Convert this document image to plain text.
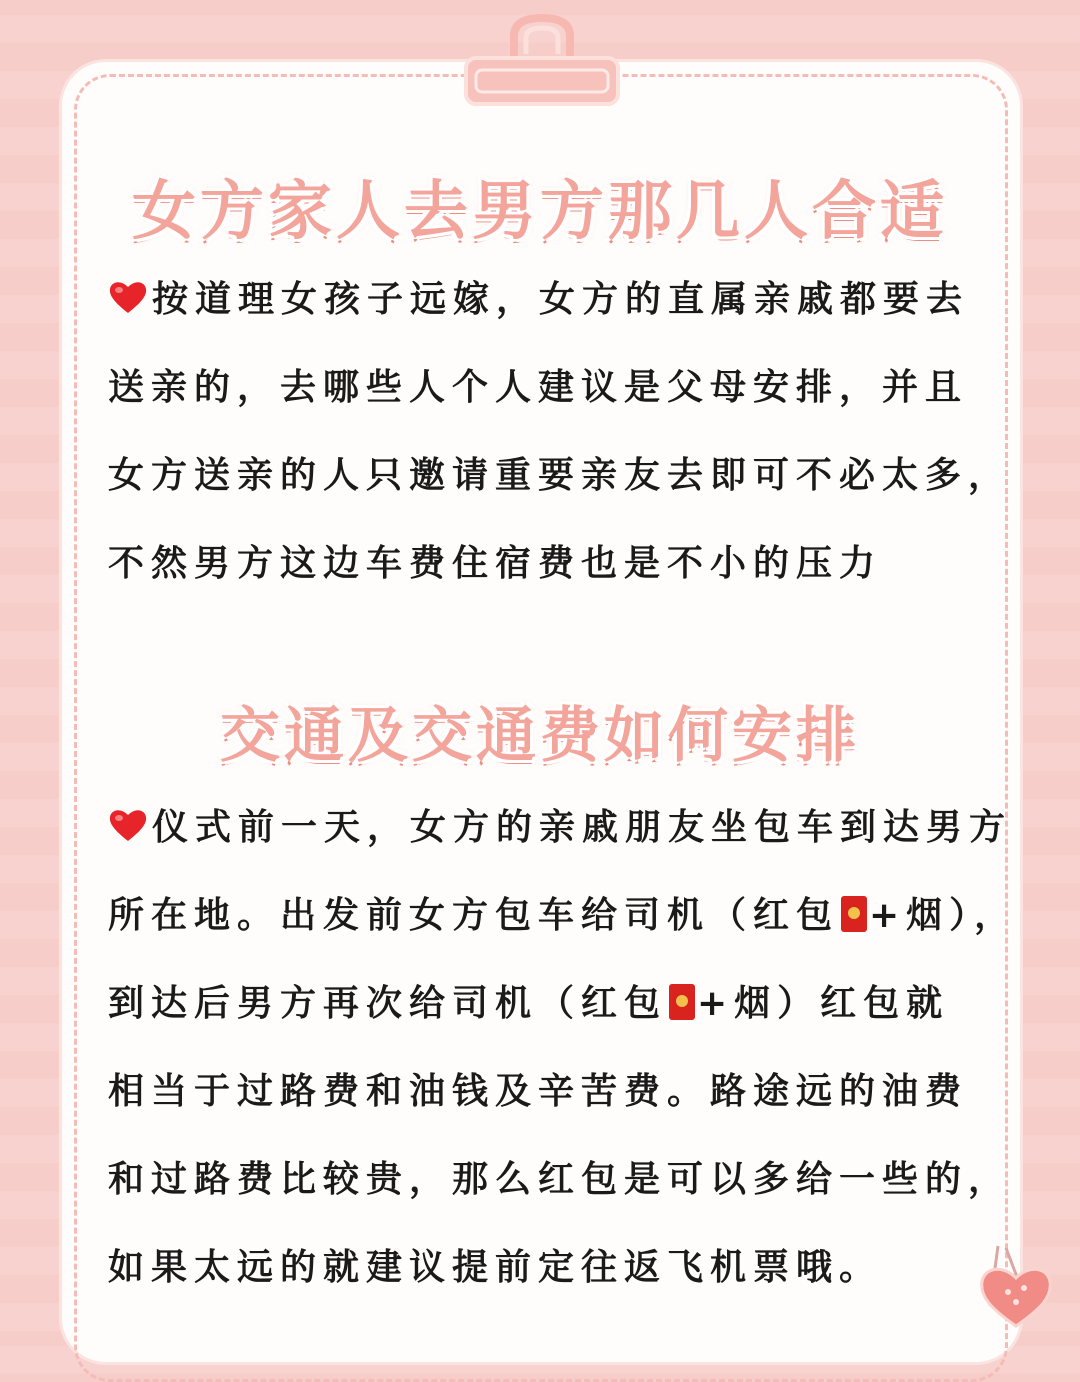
女方家人去男方那几人合适
按道理女孩子远嫁，女方的直属亲戚都要去
送亲的，去哪些人个人建议是父母安排，并且
女方送亲的人只邀请重要亲友去即可不必太多，
不然男方这边车费住宿费也是不小的压力
交通及交通费如何安排
仪式前一天，女方的亲戚朋友坐包车到达男方
所在地。出发前女方包车给司机（红包 +烟），
到达后男方再次给司机（红包 +烟）红包就
相当于过路费和油钱及辛苦费。路途远的油费
和过路费比较贵，那么红包是可以多给一些的，
如果太远的就建议提前定往返飞机票哦。
